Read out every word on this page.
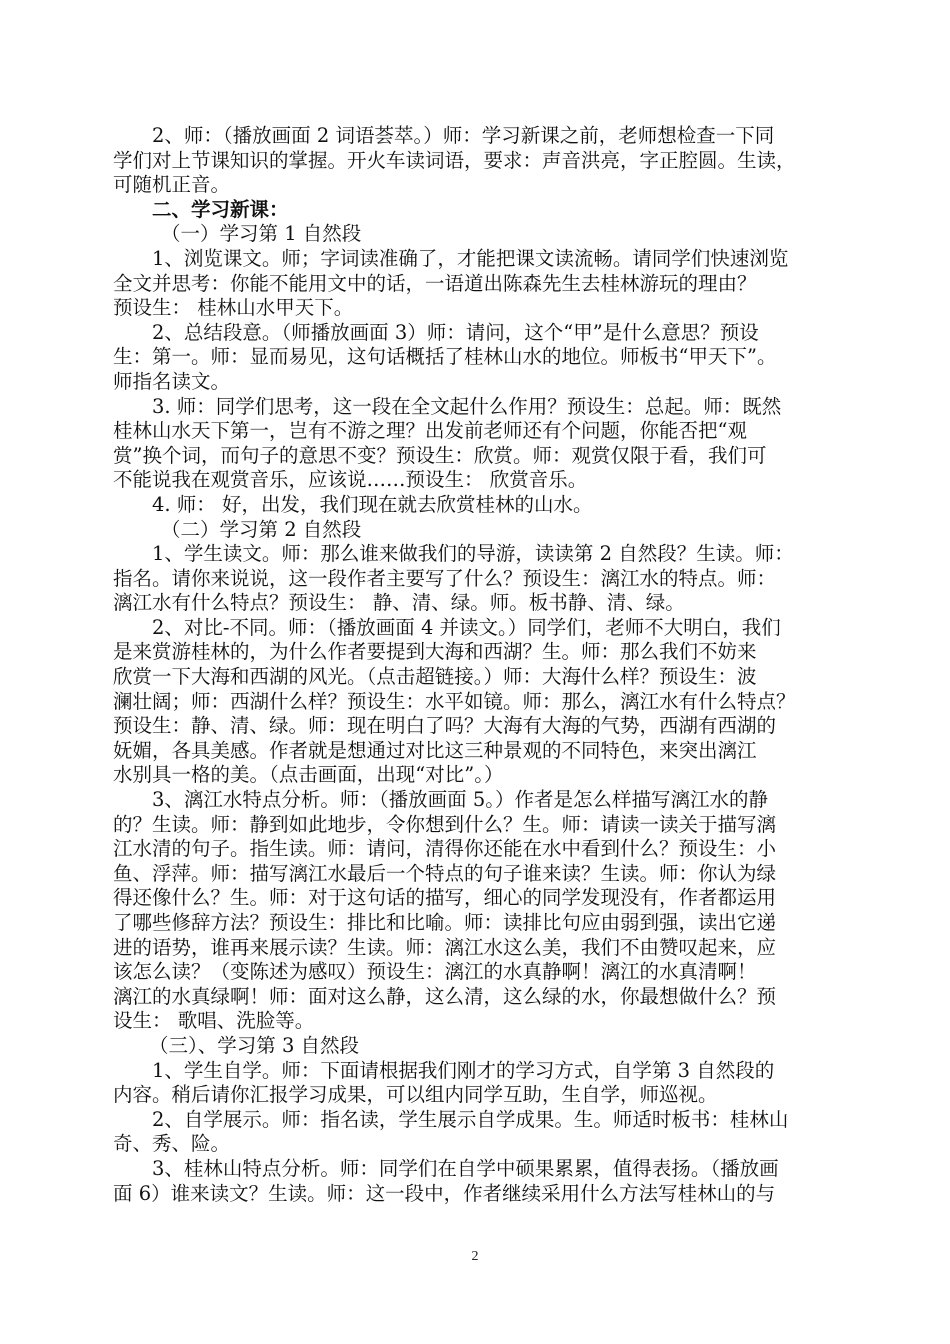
2、师：（播放画面 2 词语荟萃。）师：学习新课之前，老师想检查一下同
学们对上节课知识的掌握。开火车读词语，要求：声音洪亮，字正腔圆。生读，
可随机正音。
二、学习新课：
（一）学习第 1 自然段
1、浏览课文。师；字词读准确了，才能把课文读流畅。请同学们快速浏览
全文并思考：你能不能用文中的话，一语道出陈森先生去桂林游玩的理由？
预设生： 桂林山水甲天下。
2、总结段意。（师播放画面 3）师：请问，这个“甲”是什么意思？预设
生：第一。师：显而易见，这句话概括了桂林山水的地位。师板书“甲天下”。
师指名读文。
3. 师：同学们思考，这一段在全文起什么作用？预设生：总起。师：既然
桂林山水天下第一，岂有不游之理？出发前老师还有个问题，你能否把“观
赏”换个词，而句子的意思不变？预设生：欣赏。师：观赏仅限于看，我们可
不能说我在观赏音乐，应该说……预设生： 欣赏音乐。
4. 师： 好，出发，我们现在就去欣赏桂林的山水。
（二）学习第 2 自然段
1、学生读文。师：那么谁来做我们的导游，读读第 2 自然段？生读。师：
指名。请你来说说，这一段作者主要写了什么？预设生：漓江水的特点。师：
漓江水有什么特点？预设生： 静、清、绿。师。板书静、清、绿。
2、对比-不同。师：（播放画面 4 并读文。）同学们，老师不大明白，我们
是来赏游桂林的，为什么作者要提到大海和西湖？生。师：那么我们不妨来
欣赏一下大海和西湖的风光。（点击超链接。）师：大海什么样？预设生：波
澜壮阔；师：西湖什么样？预设生：水平如镜。师：那么，漓江水有什么特点？
预设生：静、清、绿。师：现在明白了吗？大海有大海的气势，西湖有西湖的
妩媚，各具美感。作者就是想通过对比这三种景观的不同特色，来突出漓江
水别具一格的美。（点击画面，出现“对比”。）
3、漓江水特点分析。师：（播放画面 5。）作者是怎么样描写漓江水的静
的？生读。师：静到如此地步，令你想到什么？生。师：请读一读关于描写漓
江水清的句子。指生读。师：请问，清得你还能在水中看到什么？预设生：小
鱼、浮萍。师：描写漓江水最后一个特点的句子谁来读？生读。师：你认为绿
得还像什么？生。师：对于这句话的描写，细心的同学发现没有，作者都运用
了哪些修辞方法？预设生：排比和比喻。师：读排比句应由弱到强，读出它递
进的语势，谁再来展示读？生读。师：漓江水这么美，我们不由赞叹起来，应
该怎么读？（变陈述为感叹）预设生：漓江的水真静啊！漓江的水真清啊！
漓江的水真绿啊！师：面对这么静，这么清，这么绿的水，你最想做什么？预
设生： 歌唱、洗脸等。
（三）、学习第 3 自然段
1、学生自学。师：下面请根据我们刚才的学习方式，自学第 3 自然段的
内容。稍后请你汇报学习成果，可以组内同学互助，生自学，师巡视。
2、自学展示。师：指名读，学生展示自学成果。生。师适时板书：桂林山
奇、秀、险。
3、桂林山特点分析。师：同学们在自学中硕果累累，值得表扬。（播放画
面 6）谁来读文？生读。师：这一段中，作者继续采用什么方法写桂林山的与
2
